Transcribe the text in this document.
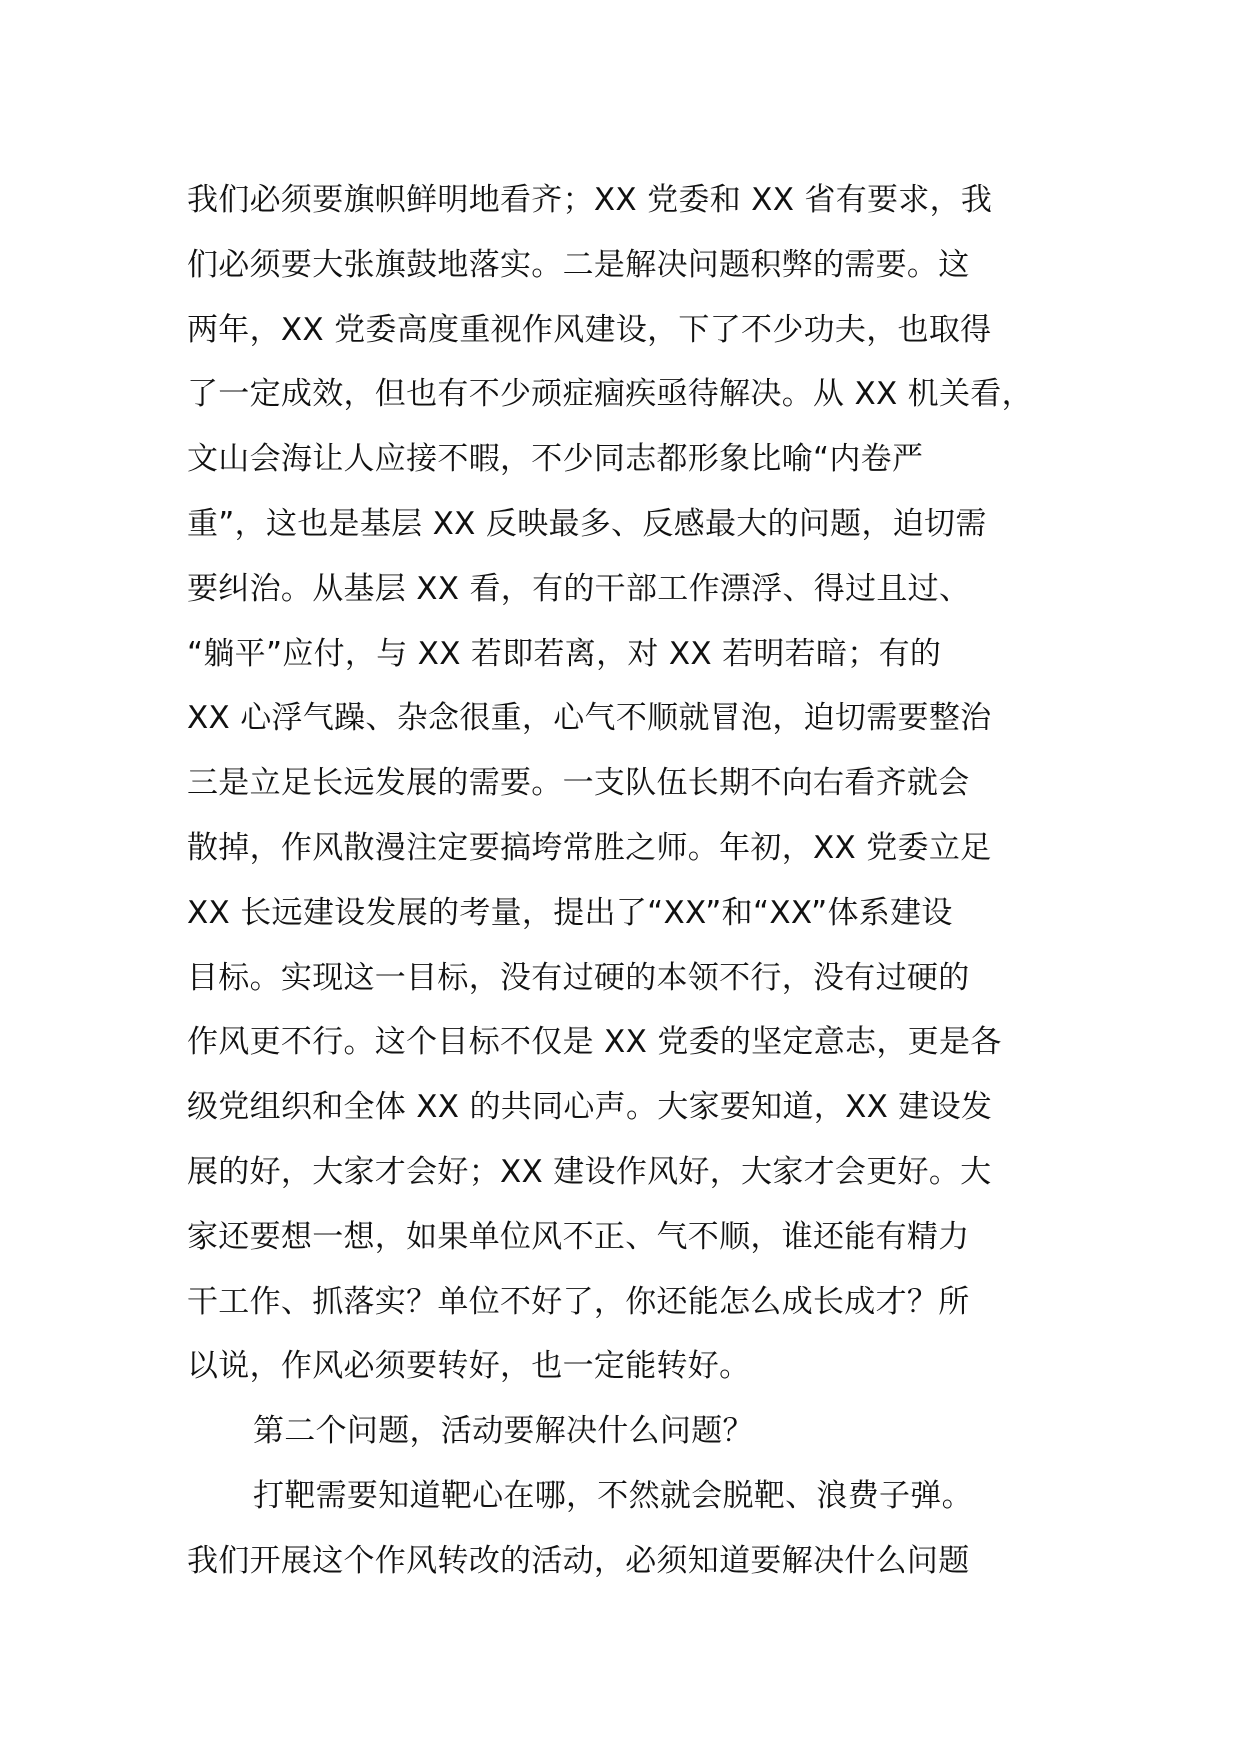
我们必须要旗帜鲜明地看齐；XX 党委和 XX 省有要求，我
们必须要大张旗鼓地落实。二是解决问题积弊的需要。这
两年，XX 党委高度重视作风建设，下了不少功夫，也取得
了一定成效，但也有不少顽症痼疾亟待解决。从 XX 机关看，
文山会海让人应接不暇，不少同志都形象比喻“内卷严
重”，这也是基层 XX 反映最多、反感最大的问题，迫切需
要纠治。从基层 XX 看，有的干部工作漂浮、得过且过、
“躺平”应付，与 XX 若即若离，对 XX 若明若暗；有的
XX 心浮气躁、杂念很重，心气不顺就冒泡，迫切需要整治
三是立足长远发展的需要。一支队伍长期不向右看齐就会
散掉，作风散漫注定要搞垮常胜之师。年初，XX 党委立足
XX 长远建设发展的考量，提出了“XX”和“XX”体系建设
目标。实现这一目标，没有过硬的本领不行，没有过硬的
作风更不行。这个目标不仅是 XX 党委的坚定意志，更是各
级党组织和全体 XX 的共同心声。大家要知道，XX 建设发
展的好，大家才会好；XX 建设作风好，大家才会更好。大
家还要想一想，如果单位风不正、气不顺，谁还能有精力
干工作、抓落实？单位不好了，你还能怎么成长成才？所
以说，作风必须要转好，也一定能转好。
第二个问题，活动要解决什么问题？
打靶需要知道靶心在哪，不然就会脱靶、浪费子弹。
我们开展这个作风转改的活动，必须知道要解决什么问题
